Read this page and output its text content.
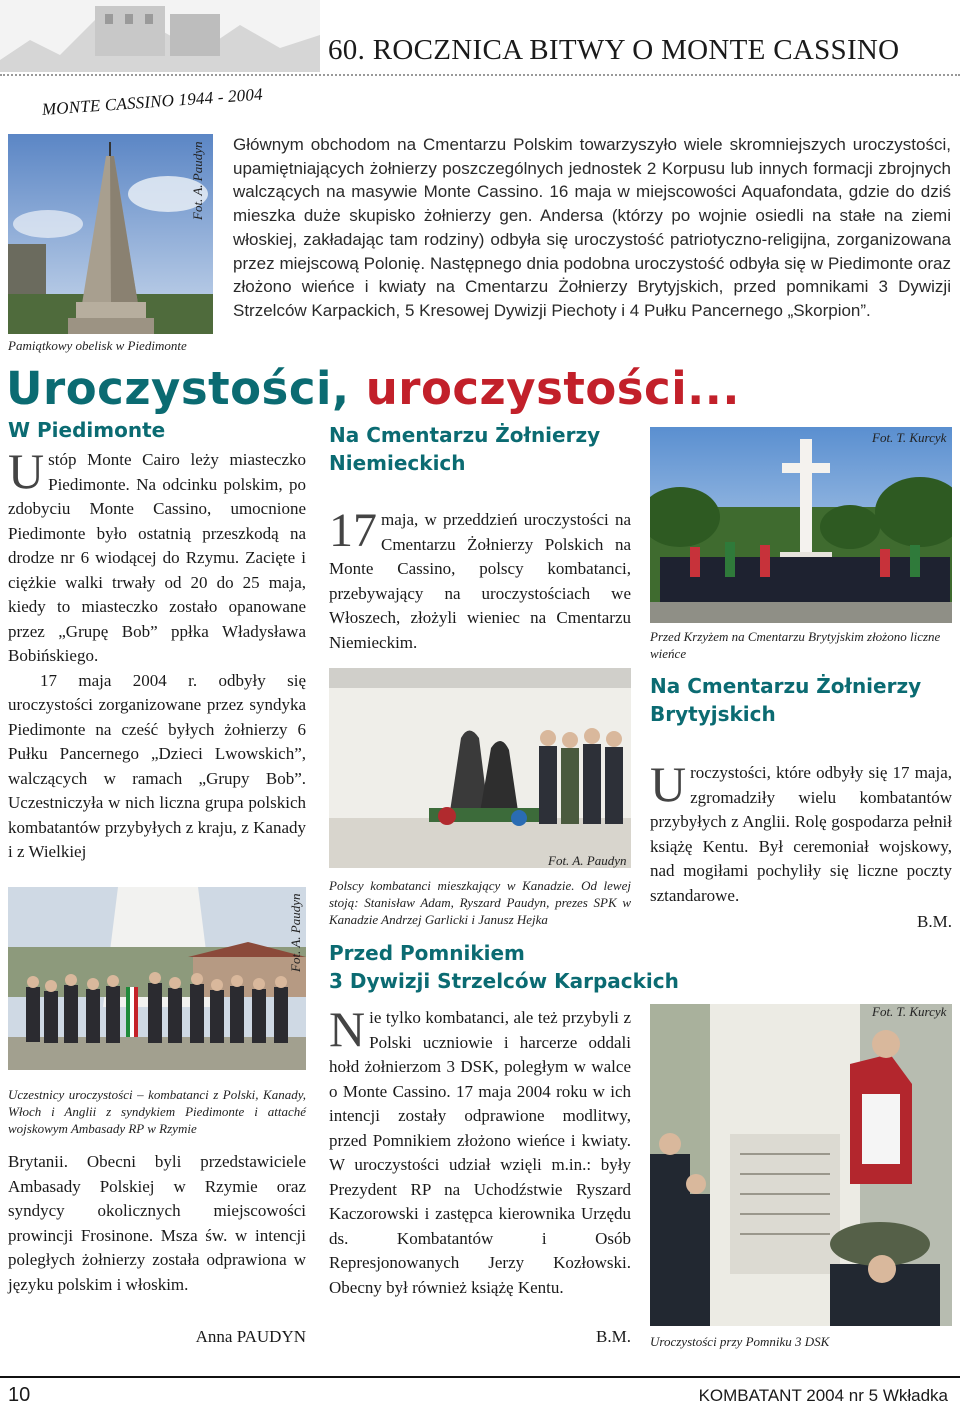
60. ROCZNICA BITWY O MONTE CASSINO
MONTE CASSINO 1944 - 2004
Fot. A. Paudyn
Pamiątkowy obelisk w Piedimonte
Głównym obchodom na Cmentarzu Polskim towarzyszyło wiele skromniejszych uroczystości, upamiętniających żołnierzy poszczególnych jednostek 2 Korpusu lub innych formacji zbrojnych walczących na masywie Monte Cassino. 16 maja w miejscowości Aquafondata, gdzie do dziś mieszka duże skupisko żołnierzy gen. Andersa (którzy po wojnie osiedli na stałe na ziemi włoskiej, zakładając tam rodziny) odbyła się uroczystość patriotyczno-religijna, zorganizowana przez miejscową Polonię. Następnego dnia podobna uroczystość odbyła się w Piedimonte oraz złożono wieńce i kwiaty na Cmentarzu Żołnierzy Brytyjskich, przed pomnikami 3 Dywizji Strzelców Karpackich, 5 Kresowej Dywizji Piechoty i 4 Pułku Pancernego „Skorpion”.
Uroczystości, uroczystości...
W Piedimonte

Ustóp Monte Cairo leży miasteczko Piedimonte. Na odcinku polskim, po zdobyciu Monte Cassino, umocnione Piedimonte było ostatnią przeszkodą na drodze nr 6 wiodącej do Rzymu. Zacięte i ciężkie walki trwały od 20 do 25 maja, kiedy to miasteczko zostało opanowane przez „Grupę Bob” ppłka Władysława Bobińskiego.

17 maja 2004 r. odbyły się uroczystości zorganizowane przez syndyka Piedimonte na cześć byłych żołnierzy 6 Pułku Pancernego „Dzieci Lwowskich”, walczących w ramach „Grupy Bob”. Uczestniczyła w nich liczna grupa polskich kombatantów przybyłych z kraju, z Kanady i z Wielkiej

Fot. A. Paudyn
Uczestnicy uroczystości – kombatanci z Polski, Kanady, Włoch i Anglii z syndykiem Piedimonte i attaché wojskowym Ambasady RP w Rzymie

Brytanii. Obecni byli przedstawiciele Ambasady Polskiej w Rzymie oraz syndycy okolicznych miejscowości prowincji Frosinone. Msza św. w intencji poległych żołnierzy została odprawiona w języku polskim i włoskim.

Anna PAUDYN
Na Cmentarzu Żołnierzy Niemieckich

17 maja, w przeddzień uroczystości na Cmentarzu Żołnierzy Polskich na Monte Cassino, polscy kombatanci, przebywający na uroczystościach we Włoszech, złożyli wieniec na Cmentarzu Niemieckim.

Fot. A. Paudyn
Polscy kombatanci mieszkający w Kanadzie. Od lewej stoją: Stanisław Adam, Ryszard Paudyn, prezes SPK w Kanadzie Andrzej Garlicki i Janusz Hejka
Przed Pomnikiem
3 Dywizji Strzelców Karpackich

Nie tylko kombatanci, ale też przybyli z Polski uczniowie i harcerze oddali hołd żołnierzom 3 DSK, poległym w walce o Monte Cassino. 17 maja 2004 roku w ich intencji zostały odprawione modlitwy, przed Pomnikiem złożono wieńce i kwiaty. W uroczystości udział wzięli m.in.: były Prezydent RP na Uchodźstwie Ryszard Kaczorowski i zastępca kierownika Urzędu ds. Kombatantów i Osób Represjonowanych Jerzy Kozłowski. Obecny był również książę Kentu.

B.M.
Fot. T. Kurcyk
Przed Krzyżem na Cmentarzu Brytyjskim złożono liczne wieńce
Na Cmentarzu Żołnierzy Brytyjskich

Uroczystości, które odbyły się 17 maja, zgromadziły wielu kombatantów przybyłych z Anglii. Rolę gospodarza pełnił książę Kentu. Był ceremoniał wojskowy, nad mogiłami pochyliły się liczne poczty sztandarowe.

B.M.
Fot. T. Kurcyk
Uroczystości przy Pomniku 3 DSK
10	KOMBATANT 2004 nr 5 Wkładka
